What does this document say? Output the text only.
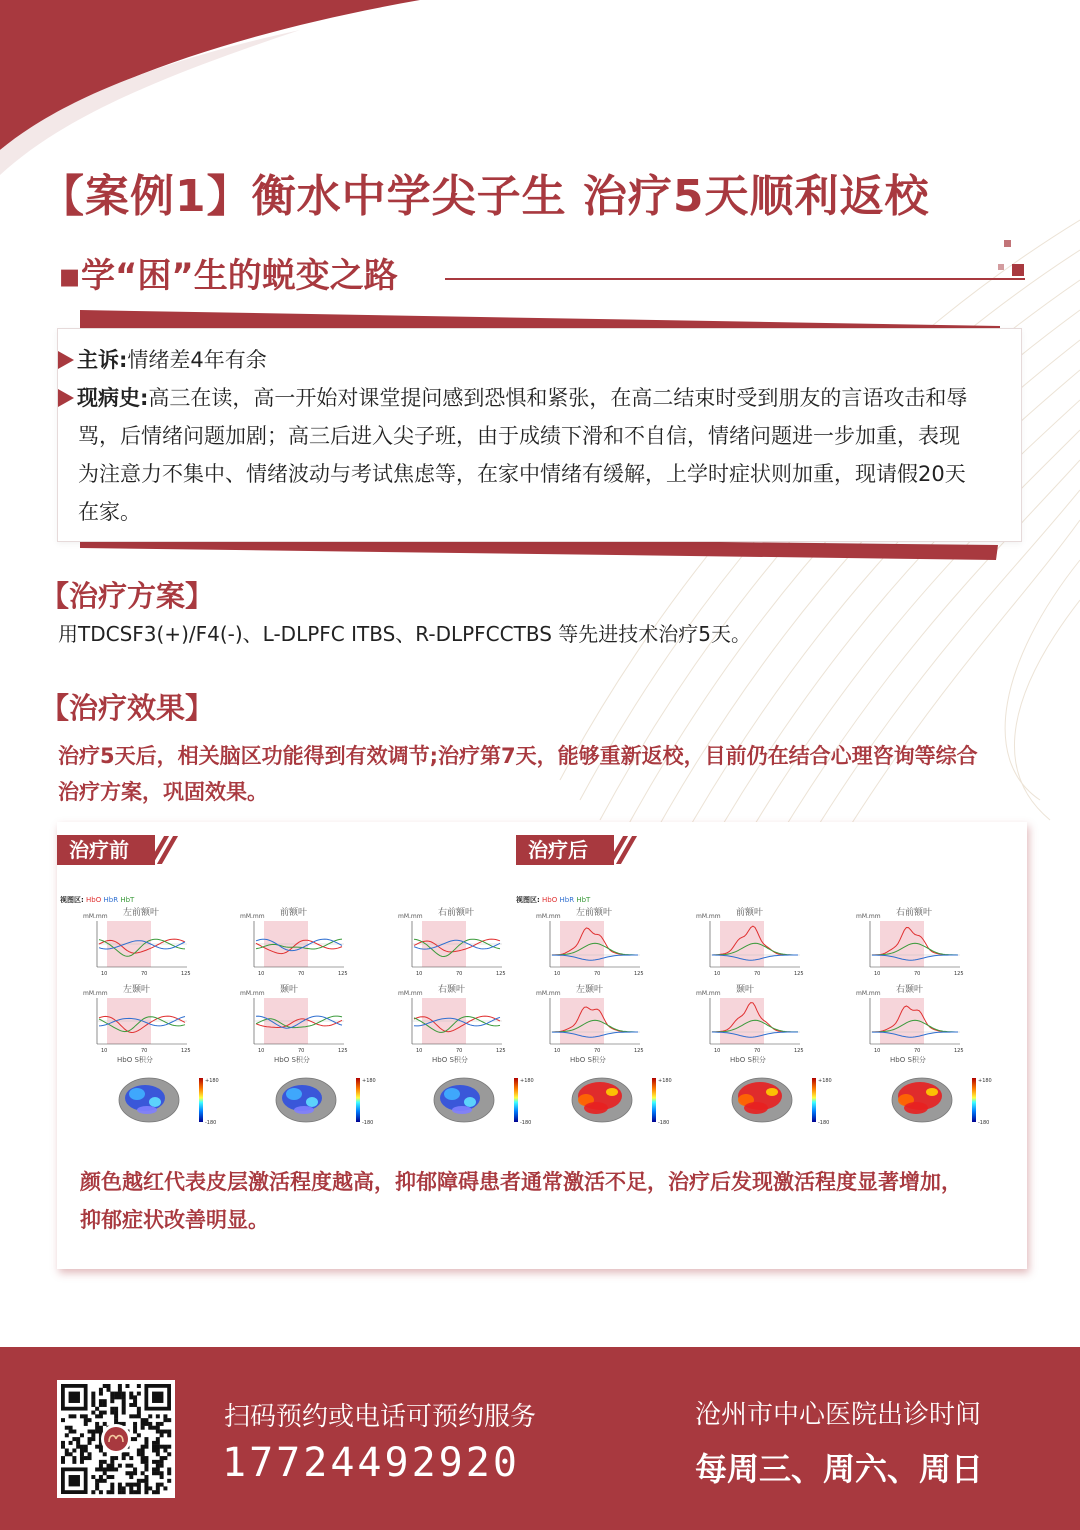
【案例1】衡水中学尖子生 治疗5天顺利返校
▪学“困”生的蜕变之路
主诉:情绪差4年有余
现病史:高三在读，高一开始对课堂提问感到恐惧和紧张，在高二结束时受到朋友的言语攻击和辱
骂，后情绪问题加剧；高三后进入尖子班，由于成绩下滑和不自信，情绪问题进一步加重，表现
为注意力不集中、情绪波动与考试焦虑等，在家中情绪有缓解，上学时症状则加重，现请假20天
在家。
【治疗方案】
用TDCSF3(+)/F4(-)、L-DLPFC ITBS、R-DLPFCCTBS 等先进技术治疗5天。
【治疗效果】
治疗5天后，相关脑区功能得到有效调节;治疗第7天，能够重新返校，目前仍在结合心理咨询等综合
治疗方案，巩固效果。
治疗前	治疗后
视图区: HbO HbR HbT	视图区: HbO HbR HbT
左前额叶
mM.mm
10	70	125
左颞叶
mM.mm
10	70	125
HbO S积分
+180
-180
前额叶
mM.mm
10	70	125
颞叶
mM.mm
10	70	125
HbO S积分
+180
-180
右前额叶
mM.mm
10	70	125
右颞叶
mM.mm
10	70	125
HbO S积分
+180
-180
左前额叶
mM.mm
10	70	125
左颞叶
mM.mm
10	70	125
HbO S积分
+180
-180
前额叶
mM.mm
10	70	125
颞叶
mM.mm
10	70	125
HbO S积分
+180
-180
右前额叶
mM.mm
10	70	125
右颞叶
mM.mm
10	70	125
HbO S积分
+180
-180
颜色越红代表皮层激活程度越高，抑郁障碍患者通常激活不足，治疗后发现激活程度显著增加，
抑郁症状改善明显。
扫码预约或电话可预约服务
17724492920
沧州市中心医院出诊时间
每周三、周六、周日
